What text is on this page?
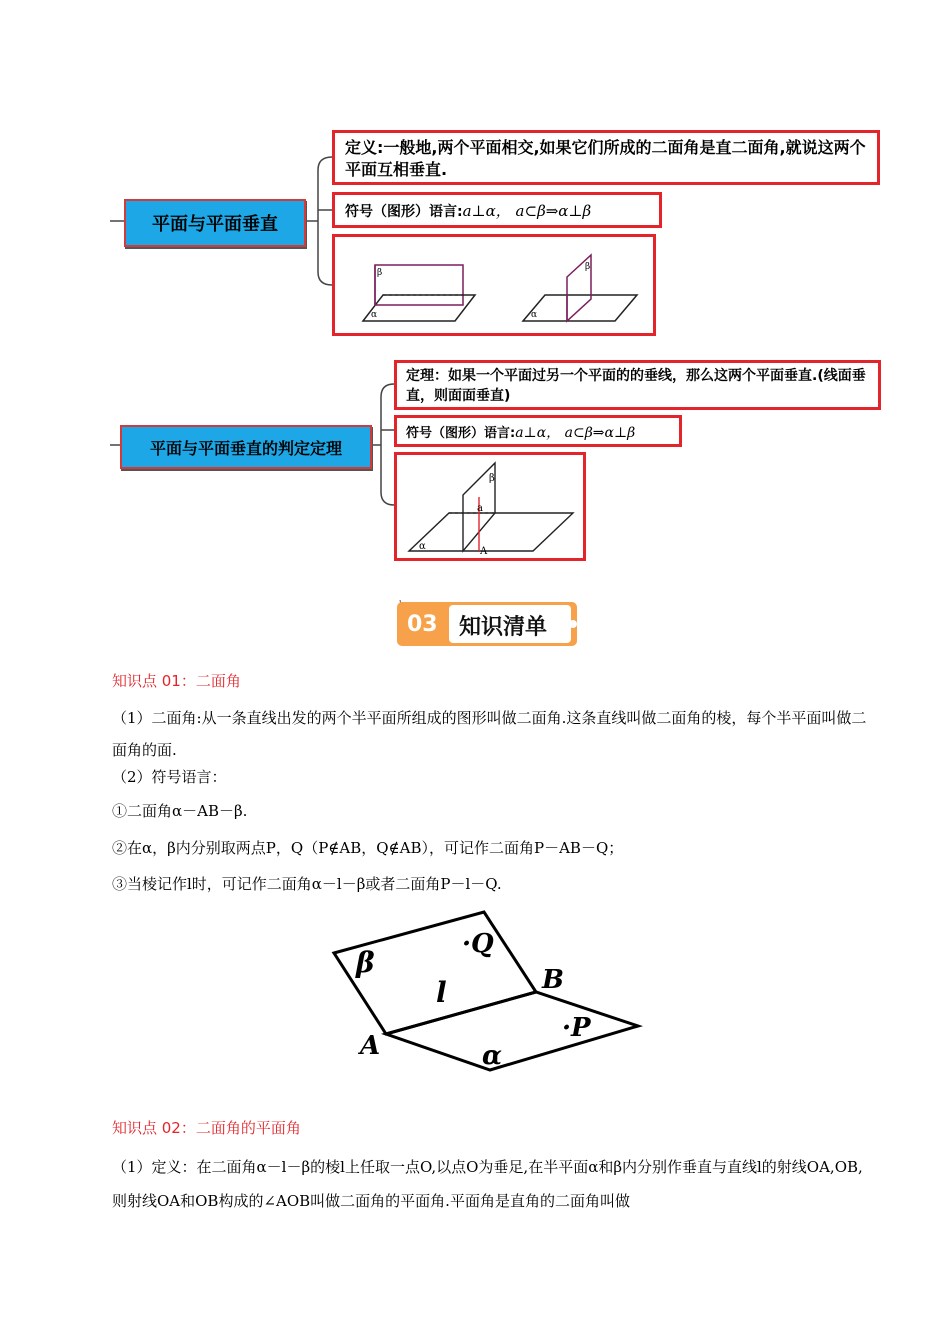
平面与平面垂直
定义:一般地,两个平面相交,如果它们所成的二面角是直二面角,就说这两个平面互相垂直.
符号（图形）语言:a⊥α， a⊂β⇒α⊥β
β
α
β
α
平面与平面垂直的判定定理
定理：如果一个平面过另一个平面的的垂线，那么这两个平面垂直.(线面垂直，则面面垂直)
符号（图形）语言:a⊥α， a⊂β⇒α⊥β
β
a
α	A
03 知识清单
知识点 01：二面角
（1）二面角:从一条直线出发的两个半平面所组成的图形叫做二面角.这条直线叫做二面角的棱，每个半平面叫做二面角的面.
（2）符号语言：
①二面角α－AB－β.
②在α，β内分别取两点P，Q（P∉AB，Q∉AB），可记作二面角P－AB－Q；
③当棱记作l时，可记作二面角α－l－β或者二面角P－l－Q.
β
·Q
l	B
A
·P
α
知识点 02：二面角的平面角
（1）定义：在二面角α－l－β的棱l上任取一点O,以点O为垂足,在半平面α和β内分别作垂直与直线l的射线OA,OB,则射线OA和OB构成的∠AOB叫做二面角的平面角.平面角是直角的二面角叫做
